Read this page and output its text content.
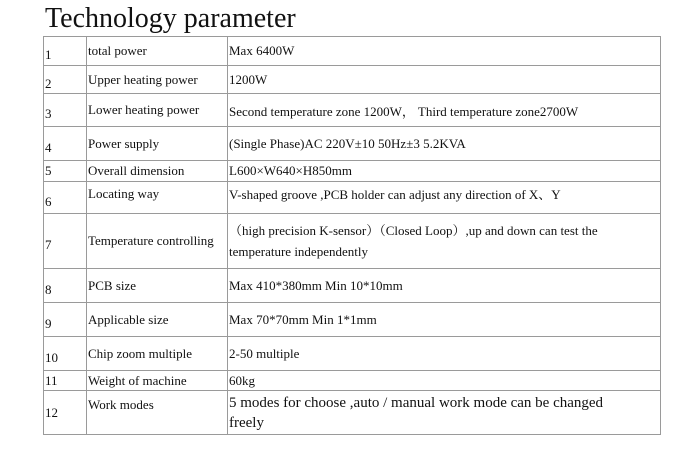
Technology parameter
1	total power	Max 6400W

2	Upper heating power	1200W

3	Lower heating power	Second temperature zone 1200W， Third temperature zone2700W

4	Power supply	(Single Phase)AC 220V±10 50Hz±3 5.2KVA
5	Overall dimension	L600×W640×H850mm

6	Locating way	V-shaped groove ,PCB holder can adjust any direction of X、Y

7	Temperature controlling	（high precision K-sensor）（Closed Loop）,up and down can test the
temperature independently

8	PCB size	Max 410*380mm Min 10*10mm

9	Applicable size	Max 70*70mm Min 1*1mm

10	Chip zoom multiple	2-50 multiple
11	Weight of machine	60kg
12	Work modes	5 modes for choose ,auto / manual work mode can be changed
freely
